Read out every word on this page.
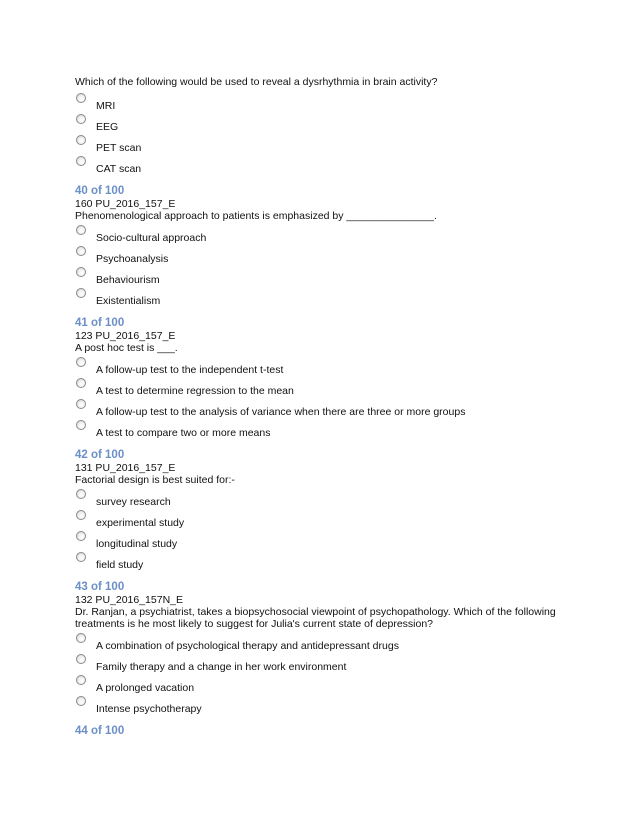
Which of the following would be used to reveal a dysrhythmia in brain activity?

MRI
EEG
PET scan
CAT scan

40 of 100

160 PU_2016_157_E

Phenomenological approach to patients is emphasized by _______________.

Socio-cultural approach
Psychoanalysis
Behaviourism
Existentialism

41 of 100

123 PU_2016_157_E

A post hoc test is ___.

A follow-up test to the independent t-test
A test to determine regression to the mean
A follow-up test to the analysis of variance when there are three or more groups
A test to compare two or more means

42 of 100

131 PU_2016_157_E

Factorial design is best suited for:-

survey research
experimental study
longitudinal study
field study

43 of 100

132 PU_2016_157N_E

Dr. Ranjan, a psychiatrist, takes a biopsychosocial viewpoint of psychopathology. Which of the following treatments is he most likely to suggest for Julia's current state of depression?

A combination of psychological therapy and antidepressant drugs
Family therapy and a change in her work environment
A prolonged vacation
Intense psychotherapy

44 of 100
